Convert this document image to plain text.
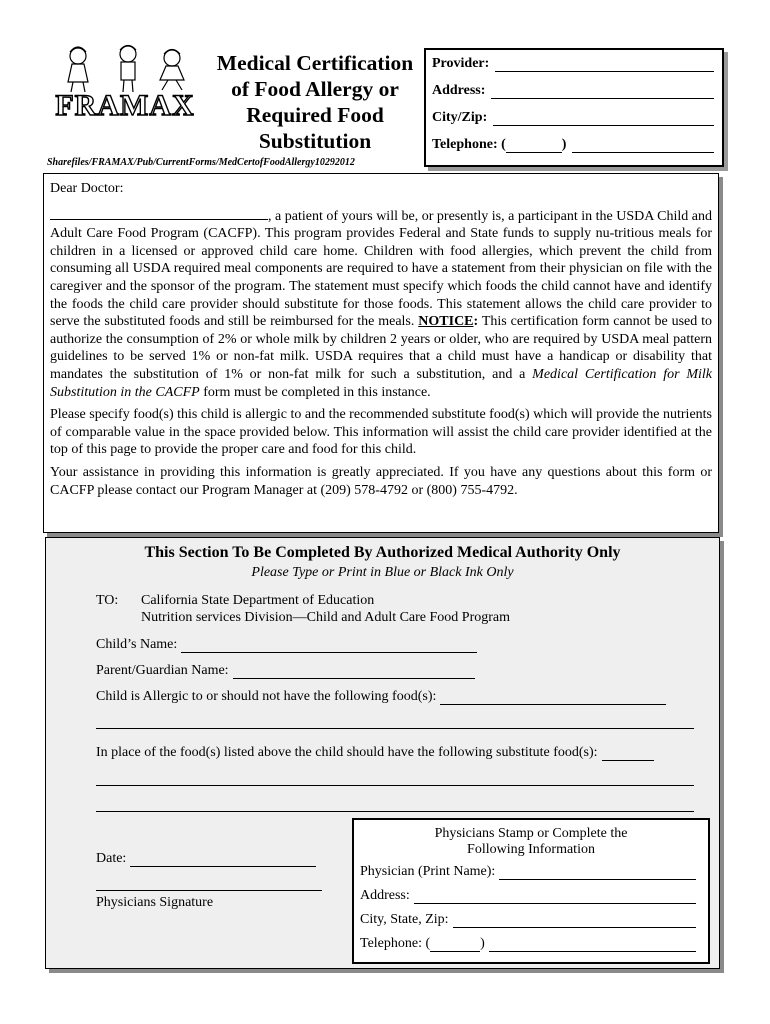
FRAMAX
Medical Certification
of Food Allergy or
Required Food
Substitution
Provider:
Address:
City/Zip:
Telephone: (	)
Sharefiles/FRAMAX/Pub/CurrentForms/MedCertofFoodAllergy10292012

Dear Doctor:

, a patient of yours will be, or presently is, a participant in the USDA Child and Adult Care Food Program (CACFP). This program provides Federal and State funds to supply nu-tritious meals for children in a licensed or approved child care home. Children with food allergies, which prevent the child from consuming all USDA required meal components are required to have a statement from their physician on file with the caregiver and the sponsor of the program. The statement must specify which foods the child cannot have and identify the foods the child care provider should substitute for those foods. This statement allows the child care provider to serve the substituted foods and still be reimbursed for the meals. NOTICE: This certification form cannot be used to authorize the consumption of 2% or whole milk by children 2 years or older, who are required by USDA meal pattern guidelines to be served 1% or non-fat milk. USDA requires that a child must have a handicap or disability that mandates the substitution of 1% or non-fat milk for such a substitution, and a Medical Certification for Milk Substitution in the CACFP form must be completed in this instance.

Please specify food(s) this child is allergic to and the recommended substitute food(s) which will provide the nutrients of comparable value in the space provided below. This information will assist the child care provider identified at the top of this page to provide the proper care and food for this child.

Your assistance in providing this information is greatly appreciated. If you have any questions about this form or CACFP please contact our Program Manager at (209) 578-4792 or (800) 755-4792.

This Section To Be Completed By Authorized Medical Authority Only
Please Type or Print in Blue or Black Ink Only
TO: California State Department of Education
Nutrition services Division—Child and Adult Care Food Program
Child’s Name:
Parent/Guardian Name:
Child is Allergic to or should not have the following food(s):
In place of the food(s) listed above the child should have the following substitute food(s):
Date:
Physicians Signature
Physicians Stamp or Complete the
Following Information
Physician (Print Name):
Address:
City, State, Zip:
Telephone: (	)
